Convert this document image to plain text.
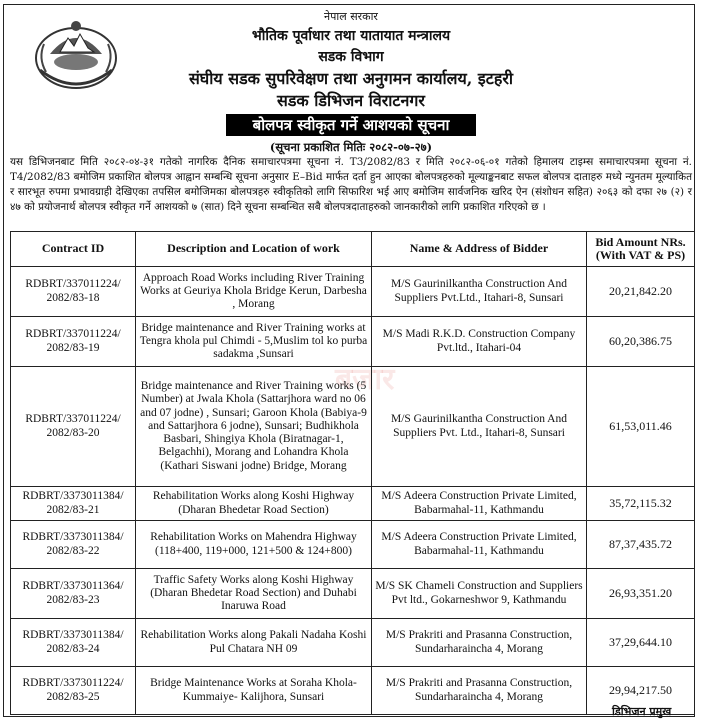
नेपाल सरकार
भौतिक पूर्वाधार तथा यातायात मन्त्रालय
सडक विभाग
संघीय सडक सुपरिवेक्षण तथा अनुगमन कार्यालय, इटहरी
सडक डिभिजन विराटनगर
बोलपत्र स्वीकृत गर्ने आशयको सूचना
(सूचना प्रकाशित मितिः २०८२-०७-२७)
यस डिभिजनबाट मिति २०८२-०४-३१ गतेको नागरिक दैनिक समाचारपत्रमा सूचना नं. T3/2082/83 र मिति २०८२-०६-०१ गतेको हिमालय टाइम्स समाचारपत्रमा सूचना नं. T4/2082/83 बमोजिम प्रकाशित बोलपत्र आह्वान सम्बन्धि सूचना अनुसार E–Bid मार्फत दर्ता हुन आएका बोलपत्रहरुको मूल्याङ्कनबाट सफल बोलपत्र दाताहरु मध्ये न्युनतम मूल्याकित र सारभूत रुपमा प्रभावग्राही देखिएका तपसिल बमोजिमका बोलपत्रहरु स्वीकृतिको लागि सिफारिश भई आए बमोजिम सार्वजनिक खरिद ऐन (संशोधन सहित) २०६३ को दफा २७ (२) र ४७ को प्रयोजनार्थ बोलपत्र स्वीकृत गर्ने आशयको ७ (सात) दिने सूचना सम्बन्धित सबै बोलपत्रदाताहरुको जानकारीको लागि प्रकाशित गरिएको छ ।
बजार
Contract ID	Description and Location of work	Name & Address of Bidder	Bid Amount NRs. (With VAT & PS)
RDBRT/337011224/ 2082/83-18	Approach Road Works including River Training Works at Geuriya Khola Bridge Kerun, Darbesha , Morang	M/S Gaurinilkantha Construction And Suppliers Pvt.Ltd., Itahari-8, Sunsari	20,21,842.20
RDBRT/337011224/ 2082/83-19	Bridge maintenance and River Training works at Tengra khola pul Chimdi - 5,Muslim tol ko purba sadakma ,Sunsari	M/S Madi R.K.D. Construction Company Pvt.ltd., Itahari-04	60,20,386.75
RDBRT/337011224/ 2082/83-20	Bridge maintenance and River Training works (5 Number) at Jwala Khola (Sattarjhora ward no 06 and 07 jodne) , Sunsari; Garoon Khola (Babiya-9 and Sattarjhora 6 jodne), Sunsari; Budhikhola Basbari, Shingiya Khola (Biratnagar-1, Belgachhi), Morang and Lohandra Khola (Kathari Siswani jodne) Bridge, Morang	M/S Gaurinilkantha Construction And Suppliers Pvt. Ltd., Itahari-8, Sunsari	61,53,011.46
RDBRT/3373011384/ 2082/83-21	Rehabilitation Works along Koshi Highway (Dharan Bhedetar Road Section)	M/S Adeera Construction Private Limited, Babarmahal-11, Kathmandu	35,72,115.32
RDBRT/3373011384/ 2082/83-22	Rehabilitation Works on Mahendra Highway (118+400, 119+000, 121+500 & 124+800)	M/S Adeera Construction Private Limited, Babarmahal-11, Kathmandu	87,37,435.72
RDBRT/3373011364/ 2082/83-23	Traffic Safety Works along Koshi Highway (Dharan Bhedetar Road Section) and Duhabi Inaruwa Road	M/S SK Chameli Construction and Suppliers Pvt ltd., Gokarneshwor 9, Kathmandu	26,93,351.20
RDBRT/3373011384/ 2082/83-24	Rehabilitation Works along Pakali Nadaha Koshi Pul Chatara NH 09	M/S Prakriti and Prasanna Construction, Sundarharaincha 4, Morang	37,29,644.10
RDBRT/3373011224/ 2082/83-25	Bridge Maintenance Works at Soraha Khola-Kummaiye- Kalijhora, Sunsari	M/S Prakriti and Prasanna Construction, Sundarharaincha 4, Morang	29,94,217.50
डिभिजन प्रमुख
